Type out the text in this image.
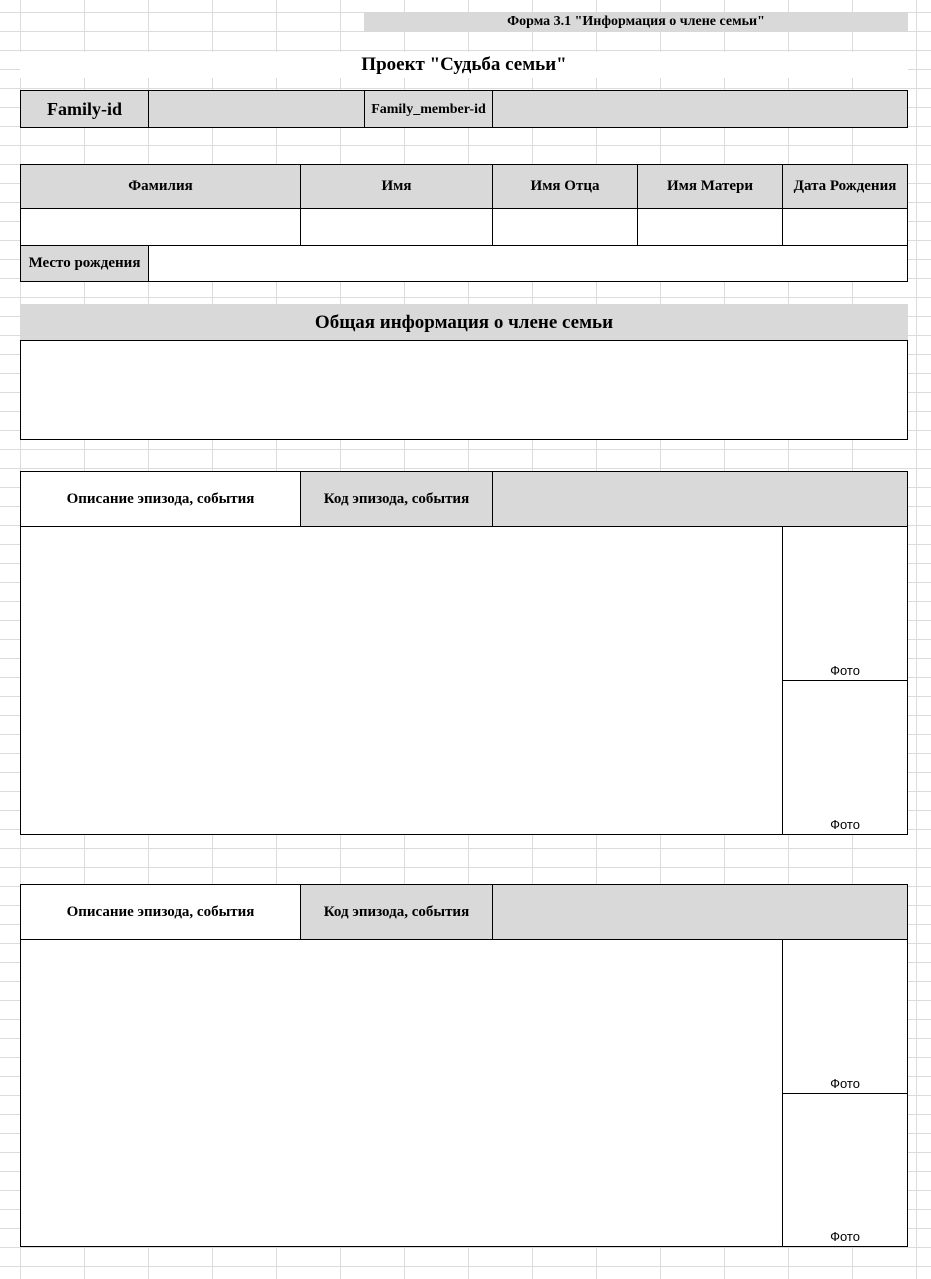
Форма 3.1 "Информация о члене семьи"
Проект "Судьба семьи"
Family-id	Family_member-id
Фамилия	Имя	Имя Отца	Имя Матери	Дата Рождения
Место рождения
Общая информация о члене семьи
Описание эпизода, события	Код эпизода, события
Фото
Фото
Описание эпизода, события	Код эпизода, события
Фото
Фото
